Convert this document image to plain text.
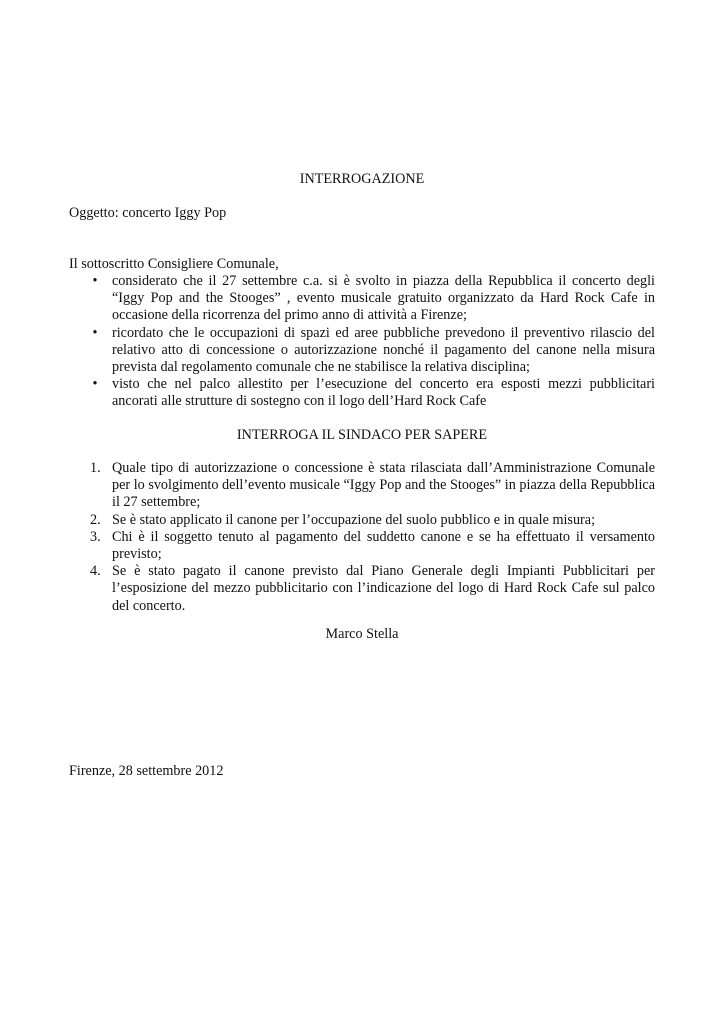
INTERROGAZIONE

Oggetto: concerto Iggy Pop

Il sottoscritto Consigliere Comunale,

• considerato che il 27 settembre c.a. si è svolto in piazza della Repubblica il concerto degli “Iggy Pop and the Stooges” , evento musicale gratuito organizzato da Hard Rock Cafe in occasione della ricorrenza del primo anno di attività a Firenze;
• ricordato che le occupazioni di spazi ed aree pubbliche prevedono il preventivo rilascio del relativo atto di concessione o autorizzazione nonché il pagamento del canone nella misura prevista dal regolamento comunale che ne stabilisce la relativa disciplina;
• visto che nel palco allestito per l’esecuzione del concerto era esposti mezzi pubblicitari ancorati alle strutture di sostegno con il logo dell’Hard Rock Cafe

INTERROGA IL SINDACO PER SAPERE

1. Quale tipo di autorizzazione o concessione è stata rilasciata dall’Amministrazione Comunale per lo svolgimento dell’evento musicale “Iggy Pop and the Stooges” in piazza della Repubblica il 27 settembre;
2. Se è stato applicato il canone per l’occupazione del suolo pubblico e in quale misura;
3. Chi è il soggetto tenuto al pagamento del suddetto canone e se ha effettuato il versamento previsto;
4. Se è stato pagato il canone previsto dal Piano Generale degli Impianti Pubblicitari per l’esposizione del mezzo pubblicitario con l’indicazione del logo di Hard Rock Cafe sul palco del concerto.

Marco Stella

Firenze, 28 settembre 2012
